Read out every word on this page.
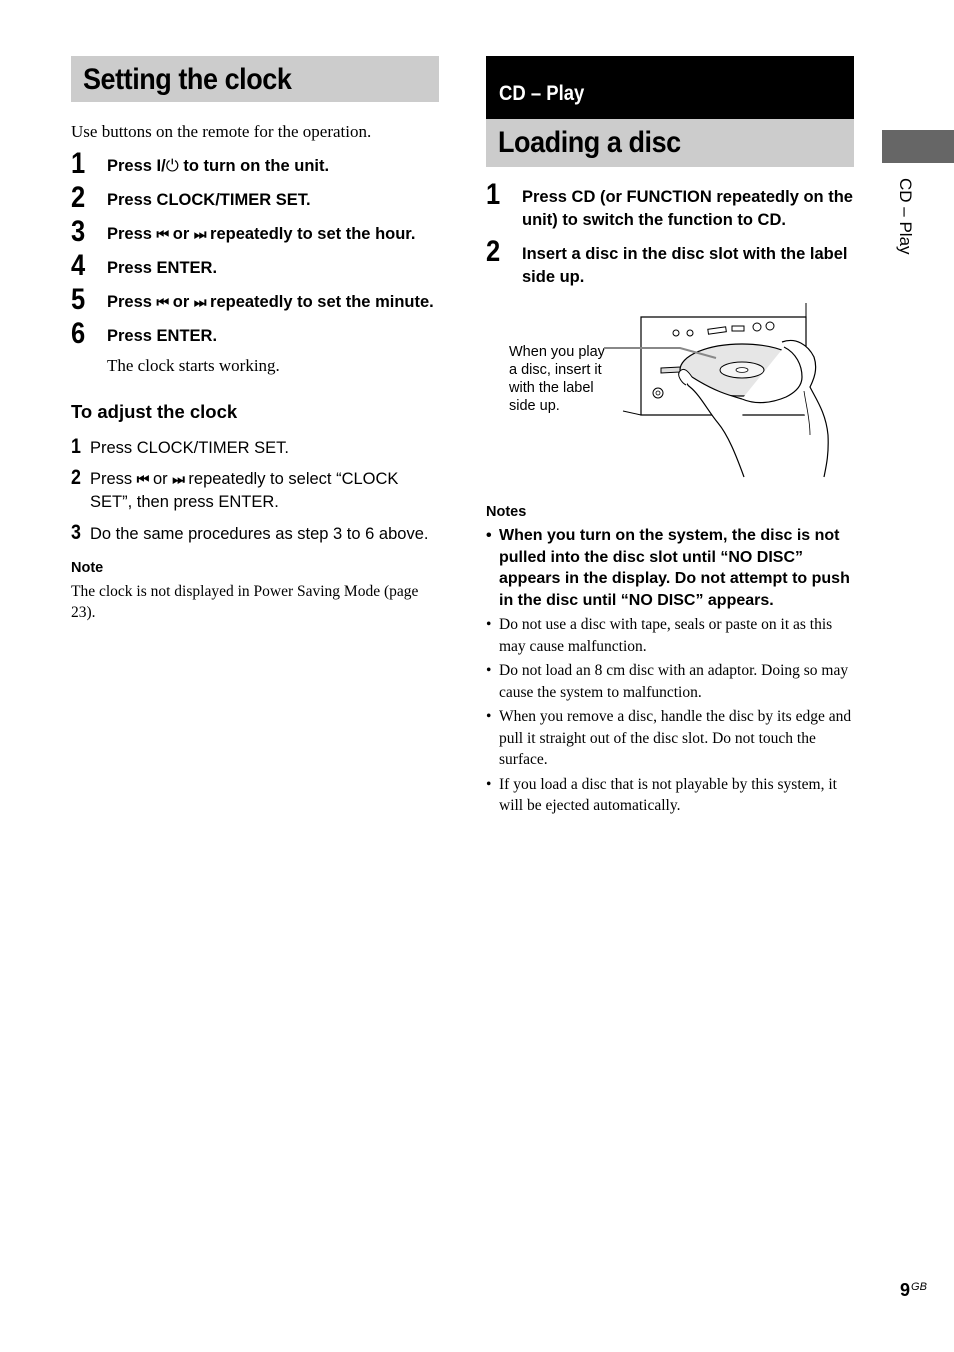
Setting the clock
Use buttons on the remote for the operation.
1 Press I/⏻ to turn on the unit.
2 Press CLOCK/TIMER SET.
3 Press ⏮ or ⏭ repeatedly to set the hour.
4 Press ENTER.
5 Press ⏮ or ⏭ repeatedly to set the minute.
6 Press ENTER.
The clock starts working.
To adjust the clock
1 Press CLOCK/TIMER SET.
2 Press ⏮ or ⏭ repeatedly to select “CLOCK SET”, then press ENTER.
3 Do the same procedures as step 3 to 6 above.
Note
The clock is not displayed in Power Saving Mode (page 23).
CD – Play
Loading a disc
1 Press CD (or FUNCTION repeatedly on the unit) to switch the function to CD.
2 Insert a disc in the disc slot with the label side up.
When you play a disc, insert it with the label side up.
Notes
• When you turn on the system, the disc is not pulled into the disc slot until “NO DISC” appears in the display. Do not attempt to push in the disc until “NO DISC” appears.
• Do not use a disc with tape, seals or paste on it as this may cause malfunction.
• Do not load an 8 cm disc with an adaptor. Doing so may cause the system to malfunction.
• When you remove a disc, handle the disc by its edge and pull it straight out of the disc slot. Do not touch the surface.
• If you load a disc that is not playable by this system, it will be ejected automatically.
CD – Play
$9^{GB}$
